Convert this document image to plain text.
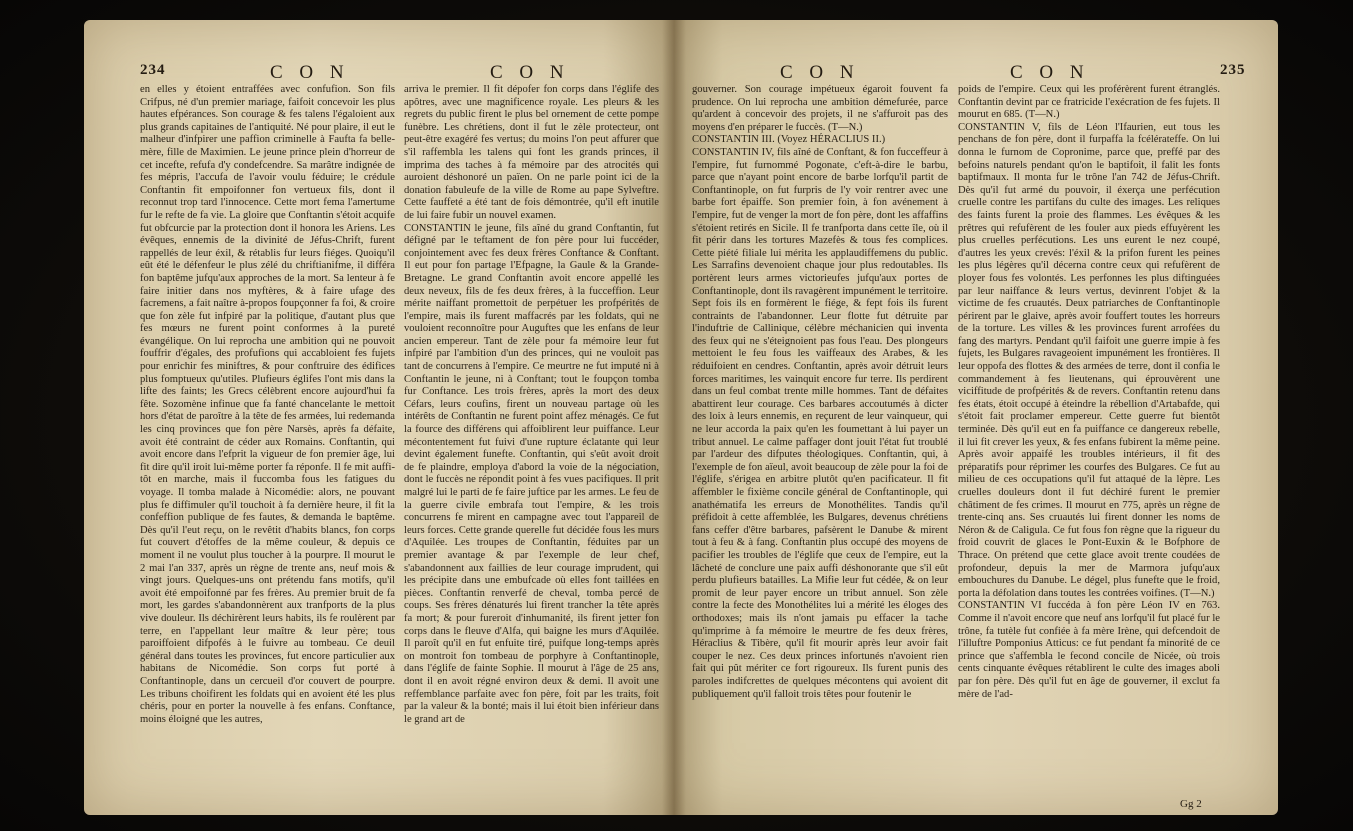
234	C O N	C O N	C O N	C O N	235

en elles y étoient entraffées avec confufion. Son fils Crifpus, né d'un premier mariage, faifoit concevoir les plus hautes efpérances. Son courage & fes talens l'égaloient aux plus grands capitaines de l'antiquité. Né pour plaire, il eut le malheur d'infpirer une paffion criminelle à Faufta fa belle-mère, fille de Maximien. Le jeune prince plein d'horreur de cet incefte, refufa d'y condefcendre. Sa marâtre indignée de fes mépris, l'accufa de l'avoir voulu féduire; le crédule Conftantin fit empoifonner fon vertueux fils, dont il reconnut trop tard l'innocence. Cette mort fema l'amertume fur le refte de fa vie. La gloire que Conftantin s'étoit acquife fut obfcurcie par la protection dont il honora les Ariens. Les évêques, ennemis de la divinité de Jéfus-Chrift, furent rappellés de leur éxil, & rétablis fur leurs fiéges. Quoiqu'il eût été le défenfeur le plus zélé du chriftianifme, il différa fon baptême jufqu'aux approches de la mort. Sa lenteur à fe faire initier dans nos myftères, & à faire ufage des facremens, a fait naître à-propos foupçonner fa foi, & croire que fon zèle fut infpiré par la politique, d'autant plus que fes mœurs ne furent point conformes à la pureté évangélique. On lui reprocha une ambition qui ne pouvoit fouffrir d'égales, des profufions qui accabloient fes fujets pour enrichir fes miniftres, & pour conftruire des édifices plus fomptueux qu'utiles. Plufieurs églifes l'ont mis dans la lifte des faints; les Grecs célèbrent encore aujourd'hui fa fête. Sozomène infinue que fa fanté chancelante le mettoit hors d'état de paroître à la tête de fes armées, lui redemanda les cinq provinces que fon père Narsès, après fa défaite, avoit été contraint de céder aux Romains. Conftantin, qui avoit encore dans l'efprit la vigueur de fon premier âge, lui fit dire qu'il iroit lui-même porter fa réponfe. Il fe mit auffi-tôt en marche, mais il fuccomba fous les fatigues du voyage. Il tomba malade à Nicomédie: alors, ne pouvant plus fe diffimuler qu'il touchoit à fa dernière heure, il fit la confeffion publique de fes fautes, & demanda le baptême. Dès qu'il l'eut reçu, on le revêtit d'habits blancs, fon corps fut couvert d'étoffes de la même couleur, & depuis ce moment il ne voulut plus toucher à la pourpre. Il mourut le 2 mai l'an 337, après un règne de trente ans, neuf mois & vingt jours. Quelques-uns ont prétendu fans motifs, qu'il avoit été empoifonné par fes frères. Au premier bruit de fa mort, les gardes s'abandonnèrent aux tranfports de la plus vive douleur. Ils déchirèrent leurs habits, ils fe roulèrent par terre, en l'appellant leur maître & leur père; tous paroiffoient difpofés à le fuivre au tombeau. Ce deuil général dans toutes les provinces, fut encore particulier aux habitans de Nicomédie. Son corps fut porté à Conftantinople, dans un cercueil d'or couvert de pourpre. Les tribuns choifirent les foldats qui en avoient été les plus chéris, pour en porter la nouvelle à fes enfans. Conftance, moins éloigné que les autres,

arriva le premier. Il fit dépofer fon corps dans l'églife des apôtres, avec une magnificence royale. Les pleurs & les regrets du public firent le plus bel ornement de cette pompe funèbre. Les chrétiens, dont il fut le zèle protecteur, ont peut-être exagéré fes vertus; du moins l'on peut affurer que s'il raffembla les talens qui font les grands princes, il imprima des taches à fa mémoire par des atrocités qui auroient déshonoré un païen. On ne parle point ici de la donation fabuleufe de la ville de Rome au pape Sylveftre. Cette fauffeté a été tant de fois démontrée, qu'il eft inutile de lui faire fubir un nouvel examen.
CONSTANTIN le jeune, fils aîné du grand Conftantin, fut défigné par le teftament de fon père pour lui fuccéder, conjointement avec fes deux frères Conftance & Conftant. Il eut pour fon partage l'Efpagne, la Gaule & la Grande-Bretagne. Le grand Conftantin avoit encore appellé les deux neveux, fils de fes deux frères, à la fucceffion. Leur mérite naiffant promettoit de perpétuer les profpérités de l'empire, mais ils furent maffacrés par les foldats, qui ne vouloient reconnoître pour Auguftes que les enfans de leur ancien empereur. Tant de zèle pour fa mémoire leur fut infpiré par l'ambition d'un des princes, qui ne vouloit pas tant de concurrens à l'empire. Ce meurtre ne fut imputé ni à Conftantin le jeune, ni à Conftant; tout le foupçon tomba fur Conftance. Les trois frères, après la mort des deux Céfars, leurs coufins, firent un nouveau partage où les intérêts de Conftantin ne furent point affez ménagés. Ce fut la fource des différens qui affoiblirent leur puiffance. Leur mécontentement fut fuivi d'une rupture éclatante qui leur devint également funefte. Conftantin, qui s'eût avoit droit de fe plaindre, employa d'abord la voie de la négociation, dont le fuccès ne répondit point à fes vues pacifiques. Il prit malgré lui le parti de fe faire juftice par les armes. Le feu de la guerre civile embrafa tout l'empire, & les trois concurrens fe mirent en campagne avec tout l'appareil de leurs forces. Cette grande querelle fut décidée fous les murs d'Aquilée. Les troupes de Conftantin, féduites par un premier avantage & par l'exemple de leur chef, s'abandonnent aux faillies de leur courage imprudent, qui les précipite dans une embufcade où elles font taillées en pièces. Conftantin renverfé de cheval, tomba percé de coups. Ses frères dénaturés lui firent trancher la tête après fa mort; & pour fureroit d'inhumanité, ils firent jetter fon corps dans le fleuve d'Alfa, qui baigne les murs d'Aquilée. Il paroît qu'il en fut enfuite tiré, puifque long-temps après on montroit fon tombeau de porphyre à Conftantinople, dans l'églife de fainte Sophie. Il mourut à l'âge de 25 ans, dont il en avoit régné environ deux & demi. Il avoit une reffemblance parfaite avec fon père, foit par les traits, foit par la valeur & la bonté; mais il lui étoit bien inférieur dans le grand art de

gouverner. Son courage impétueux égaroit fouvent fa prudence. On lui reprocha une ambition démefurée, parce qu'ardent à concevoir des projets, il ne s'affuroit pas des moyens d'en préparer le fuccès. (T—N.)
CONSTANTIN III. (Voyez HÉRACLIUS II.)
CONSTANTIN IV, fils aîné de Conftant, & fon fucceffeur à l'empire, fut furnommé Pogonate, c'eft-à-dire le barbu, parce que n'ayant point encore de barbe lorfqu'il partit de Conftantinople, on fut furpris de l'y voir rentrer avec une barbe fort épaiffe. Son premier foin, à fon avénement à l'empire, fut de venger la mort de fon père, dont les affaffins s'étoient retirés en Sicile. Il fe tranfporta dans cette île, où il fit périr dans les tortures Mazefès & tous fes complices. Cette piété filiale lui mérita les applaudiffemens du public. Les Sarrafins devenoient chaque jour plus redoutables. Ils portèrent leurs armes victorieufes jufqu'aux portes de Conftantinople, dont ils ravagèrent impunément le territoire. Sept fois ils en formèrent le fiége, & fept fois ils furent contraints de l'abandonner. Leur flotte fut détruite par l'induftrie de Callinique, célèbre méchanicien qui inventa des feux qui ne s'éteignoient pas fous l'eau. Des plongeurs mettoient le feu fous les vaiffeaux des Arabes, & les réduifoient en cendres. Conftantin, après avoir détruit leurs forces maritimes, les vainquit encore fur terre. Ils perdirent dans un feul combat trente mille hommes. Tant de défaites abattirent leur courage. Ces barbares accoutumés à dicter des loix à leurs ennemis, en reçurent de leur vainqueur, qui ne leur accorda la paix qu'en les foumettant à lui payer un tribut annuel. Le calme paffager dont jouit l'état fut troublé par l'ardeur des difputes théologiques. Conftantin, qui, à l'exemple de fon aïeul, avoit beaucoup de zèle pour la foi de l'églife, s'érigea en arbitre plutôt qu'en pacificateur. Il fit affembler le fixième concile général de Conftantinople, qui anathématifa les erreurs de Monothélites. Tandis qu'il préfidoit à cette affemblée, les Bulgares, devenus chrétiens fans ceffer d'être barbares, pafsèrent le Danube & mirent tout à feu & à fang. Conftantin plus occupé des moyens de pacifier les troubles de l'églife que ceux de l'empire, eut la lâcheté de conclure une paix auffi déshonorante que s'il eût perdu plufieurs batailles. La Mifie leur fut cédée, & on leur promit de leur payer encore un tribut annuel. Son zèle contre la fecte des Monothélites lui a mérité les éloges des orthodoxes; mais ils n'ont jamais pu effacer la tache qu'imprime à fa mémoire le meurtre de fes deux frères, Héraclius & Tibère, qu'il fit mourir après leur avoir fait couper le nez. Ces deux princes infortunés n'avoient rien fait qui pût mériter ce fort rigoureux. Ils furent punis des paroles indifcrettes de quelques mécontens qui avoient dit publiquement qu'il falloit trois têtes pour foutenir le

poids de l'empire. Ceux qui les proférèrent furent étranglés. Conftantin devint par ce fratricide l'exécration de fes fujets. Il mourut en 685. (T—N.)
CONSTANTIN V, fils de Léon l'Ifaurien, eut tous les penchans de fon père, dont il furpaffa la fcélérateffe. On lui donna le furnom de Copronime, parce que, preffé par des befoins naturels pendant qu'on le baptifoit, il falit les fonts baptifmaux. Il monta fur le trône l'an 742 de Jéfus-Chrift. Dès qu'il fut armé du pouvoir, il éxerça une perfécution cruelle contre les partifans du culte des images. Les reliques des faints furent la proie des flammes. Les évêques & les prêtres qui refufèrent de les fouler aux pieds effuyèrent les plus cruelles perfécutions. Les uns eurent le nez coupé, d'autres les yeux crevés: l'éxil & la prifon furent les peines les plus légères qu'il décerna contre ceux qui refufèrent de ployer fous fes volontés. Les perfonnes les plus diftinguées par leur naiffance & leurs vertus, devinrent l'objet & la victime de fes cruautés. Deux patriarches de Conftantinople périrent par le glaive, après avoir fouffert toutes les horreurs de la torture. Les villes & les provinces furent arrofées du fang des martyrs. Pendant qu'il faifoit une guerre impie à fes fujets, les Bulgares ravageoient impunément les frontières. Il leur oppofa des flottes & des armées de terre, dont il confia le commandement à fes lieutenans, qui éprouvèrent une viciffitude de profpérités & de revers. Conftantin retenu dans fes états, étoit occupé à éteindre la rébellion d'Artabafde, qui s'étoit fait proclamer empereur. Cette guerre fut bientôt terminée. Dès qu'il eut en fa puiffance ce dangereux rebelle, il lui fit crever les yeux, & fes enfans fubirent la même peine. Après avoir appaifé les troubles intérieurs, il fit des préparatifs pour réprimer les courfes des Bulgares. Ce fut au milieu de ces occupations qu'il fut attaqué de la lèpre. Les cruelles douleurs dont il fut déchiré furent le premier châtiment de fes crimes. Il mourut en 775, après un règne de trente-cinq ans. Ses cruautés lui firent donner les noms de Néron & de Caligula. Ce fut fous fon règne que la rigueur du froid couvrit de glaces le Pont-Euxin & le Bofphore de Thrace. On prétend que cette glace avoit trente coudées de profondeur, depuis la mer de Marmora jufqu'aux embouchures du Danube. Le dégel, plus funefte que le froid, porta la défolation dans toutes les contrées voifines. (T—N.)
CONSTANTIN VI fuccéda à fon père Léon IV en 763. Comme il n'avoit encore que neuf ans lorfqu'il fut placé fur le trône, fa tutèle fut confiée à fa mère Irène, qui defcendoit de l'illuftre Pomponius Atticus: ce fut pendant fa minorité de ce prince que s'affembla le fecond concile de Nicée, où trois cents cinquante évêques rétablirent le culte des images aboli par fon père. Dès qu'il fut en âge de gouverner, il exclut fa mère de l'ad-

Gg 2
